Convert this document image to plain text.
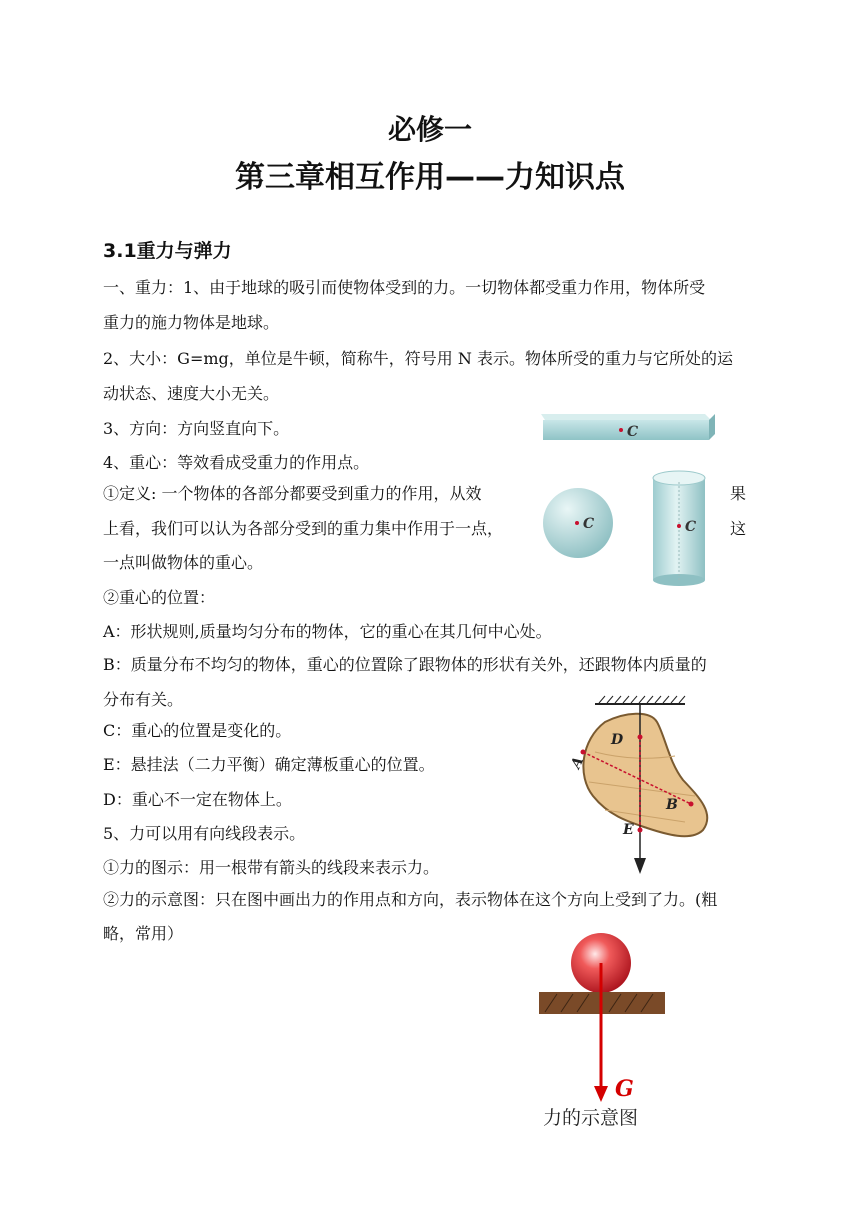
必修一
第三章相互作用——力知识点
3.1重力与弹力
一、重力：1、由于地球的吸引而使物体受到的力。一切物体都受重力作用，物体所受
重力的施力物体是地球。
2、大小：G=mg，单位是牛顿，简称牛，符号用 N 表示。物体所受的重力与它所处的运
动状态、速度大小无关。
3、方向：方向竖直向下。
4、重心：等效看成受重力的作用点。
①定义: 一个物体的各部分都要受到重力的作用，从效	果
上看，我们可以认为各部分受到的重力集中作用于一点，	这
一点叫做物体的重心。
②重心的位置：
A：形状规则,质量均匀分布的物体，它的重心在其几何中心处。
B：质量分布不均匀的物体，重心的位置除了跟物体的形状有关外，还跟物体内质量的
分布有关。
C：重心的位置是变化的。
E：悬挂法（二力平衡）确定薄板重心的位置。
D：重心不一定在物体上。
5、力可以用有向线段表示。
①力的图示：用一根带有箭头的线段来表示力。
②力的示意图：只在图中画出力的作用点和方向，表示物体在这个方向上受到了力。(粗
略，常用）
C
C	C
D
A
B
E
G
力的示意图
